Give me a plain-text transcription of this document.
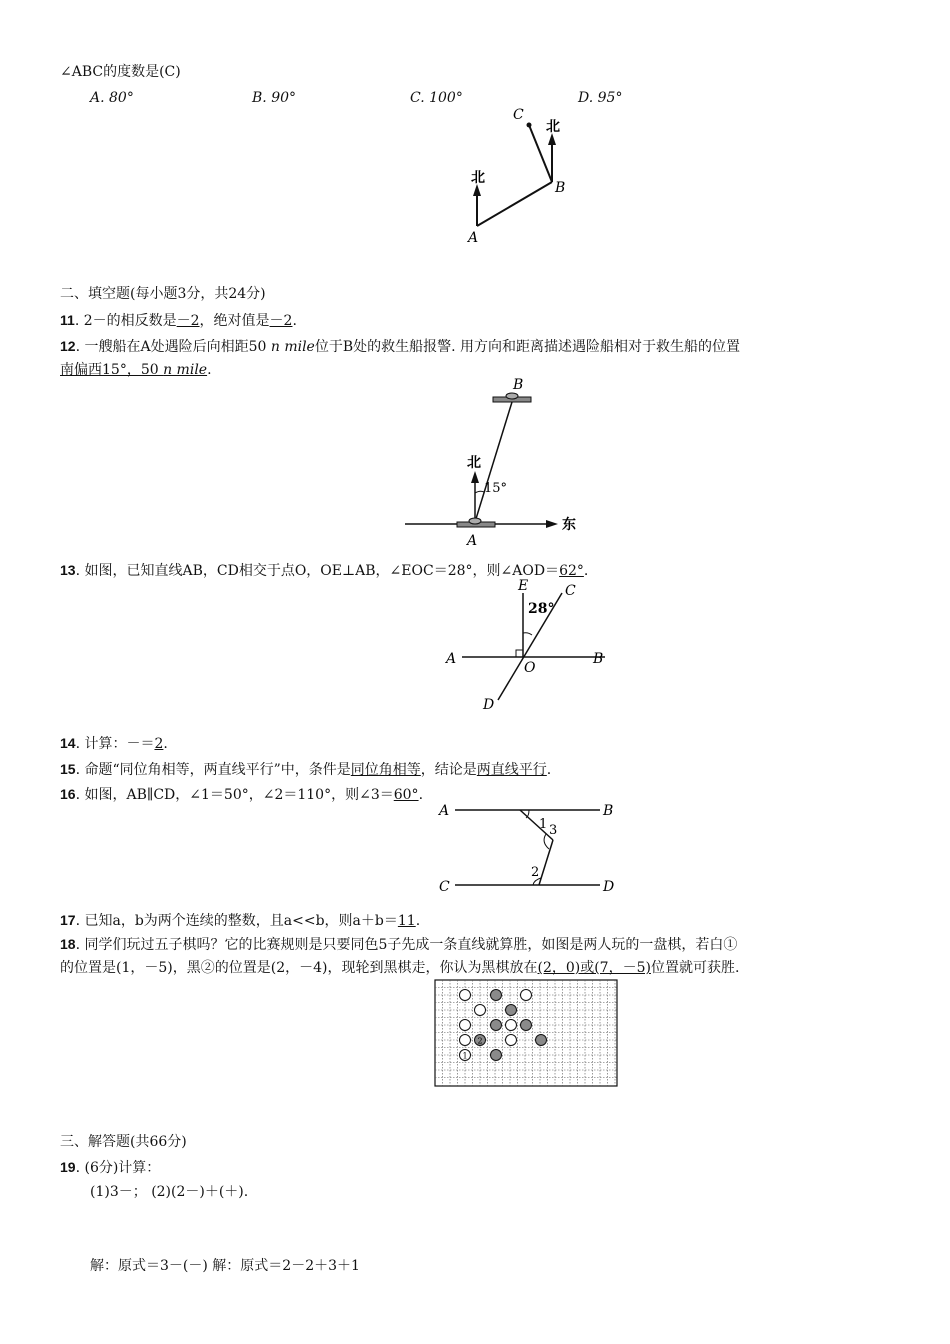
∠ABC的度数是(C)
A. 80°	B. 90°	C. 100°	D. 95°
北
北
A
B
C
二、填空题(每小题3分，共24分)
11. 2－的相反数是－2，绝对值是－2.
12. 一艘船在A处遇险后向相距50 n mile位于B处的救生船报警. 用方向和距离描述遇险船相对于救生船的位置
南偏西15°，50 n mile.
B
北
15°
东
A
13. 如图，已知直线AB，CD相交于点O，OE⊥AB，∠EOC＝28°，则∠AOD＝62°.
E	C
28°
A
O
B
D
14. 计算：－＝2.
15. 命题“同位角相等，两直线平行”中，条件是同位角相等，结论是两直线平行.
16. 如图，AB∥CD，∠1＝50°，∠2＝110°，则∠3＝60°.
A	B
C	D
1 3
2
17. 已知a，b为两个连续的整数，且a<<b，则a＋b＝11.
18. 同学们玩过五子棋吗？它的比赛规则是只要同色5子先成一条直线就算胜，如图是两人玩的一盘棋，若白①
的位置是(1，－5)，黑②的位置是(2，－4)，现轮到黑棋走，你认为黑棋放在(2，0)或(7，－5)位置就可获胜.
1
2
三、解答题(共66分)
19. (6分)计算：
(1)3－； (2)(2－)＋(＋).
解：原式＝3－(－) 解：原式＝2－2＋3＋1
